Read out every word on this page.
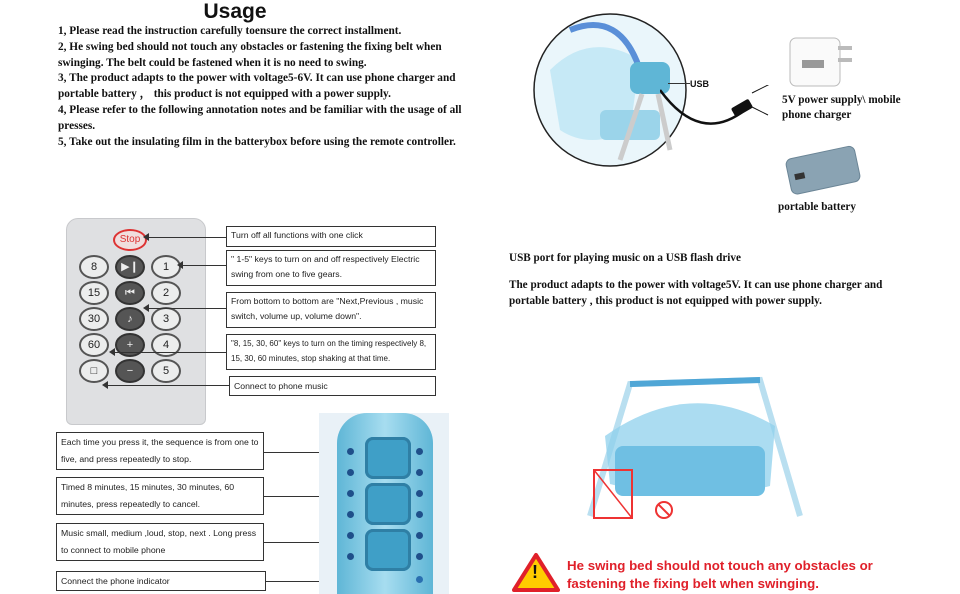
Usage

1, Please read the instruction carefully toensure the correct installment.

2, He swing bed should not touch any obstacles or fastening the fixing belt when swinging. The belt could be fastened when it is no need to swing.

3, The product adapts to the power with voltage5-6V. It can use phone charger and portable battery ， this product is not equipped with a power supply.

4, Please refer to the following annotation notes and be familiar with the usage of all presses.

5, Take out the insulating film in the batterybox before using the remote controller.

Stop
8
15
30
60
□
▶❙
⏮
♪
+
−
1
2
3
4
5
Turn off all functions with one click
" 1-5" keys to turn on and off respectively Electric swing from one to five gears.
From bottom to bottom are "Next,Previous , music switch, volume up, volume down".
"8, 15, 30, 60" keys to turn on the timing respectively 8, 15, 30, 60 minutes, stop shaking at that time.
Connect to phone music
Each time you press it, the sequence is from one to five, and press repeatedly to stop.
Timed 8 minutes, 15 minutes, 30 minutes, 60 minutes, press repeatedly to cancel.
Music small, medium ,loud, stop, next . Long press to connect to mobile phone
Connect the phone indicator
USB
5V power supply\ mobile phone charger
portable battery
USB port for playing music on a USB flash drive
The product adapts to the power with voltage5V. It can use phone charger and portable battery , this product is not equipped with power supply.
! He swing bed should not touch any obstacles or fastening the fixing belt when swinging.
